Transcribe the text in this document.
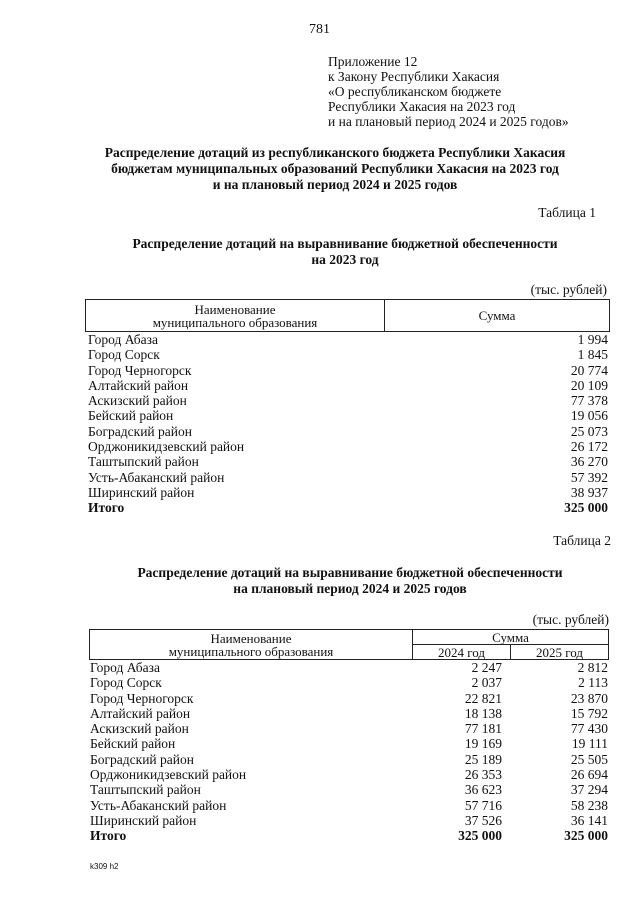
781
Приложение 12
к Закону Республики Хакасия
«О республиканском бюджете
Республики Хакасия на 2023 год
и на плановый период 2024 и 2025 годов»
Распределение дотаций из республиканского бюджета Республики Хакасия
бюджетам муниципальных образований Республики Хакасия на 2023 год
и на плановый период 2024 и 2025 годов
Таблица 1
Распределение дотаций на выравнивание бюджетной обеспеченности
на 2023 год
(тыс. рублей)
Наименование
муниципального образования	Сумма
Город Абаза	1 994
Город Сорск	1 845
Город Черногорск	20 774
Алтайский район	20 109
Аскизский район	77 378
Бейский район	19 056
Боградский район	25 073
Орджоникидзевский район	26 172
Таштыпский район	36 270
Усть-Абаканский район	57 392
Ширинский район	38 937
Итого	325 000
Таблица 2
Распределение дотаций на выравнивание бюджетной обеспеченности
на плановый период 2024 и 2025 годов
(тыс. рублей)
Наименование
муниципального образования	Сумма	
	2024 год	2025 год
Город Абаза	2 247	2 812
Город Сорск	2 037	2 113
Город Черногорск	22 821	23 870
Алтайский район	18 138	15 792
Аскизский район	77 181	77 430
Бейский район	19 169	19 111
Боградский район	25 189	25 505
Орджоникидзевский район	26 353	26 694
Таштыпский район	36 623	37 294
Усть-Абаканский район	57 716	58 238
Ширинский район	37 526	36 141
Итого	325 000	325 000
k309 h2
